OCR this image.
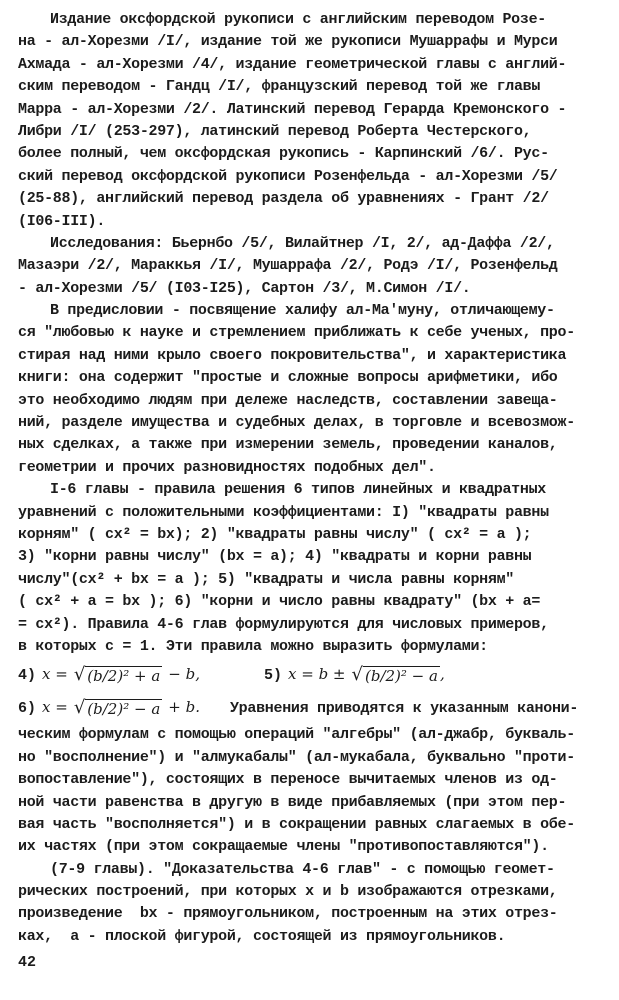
Издание оксфордской рукописи с английским переводом Розе-
на - ал-Хорезми /I/, издание той же рукописи Мушаррафы и Мурси
Ахмада - ал-Хорезми /4/, издание геометрической главы с англий-
ским переводом - Гандц /I/, французский перевод той же главы
Марра - ал-Хорезми /2/. Латинский перевод Герарда Кремонского -
Либри /I/ (253-297), латинский перевод Роберта Честерского,
более полный, чем оксфордская рукопись - Карпинский /6/. Рус-
ский перевод оксфордской рукописи Розенфельда - ал-Хорезми /5/
(25-88), английский перевод раздела об уравнениях - Грант /2/
(I06-III).
Исследования: Бьернбо /5/, Вилайтнер /I, 2/, ад-Даффа /2/,
Мазаэри /2/, Мараккья /I/, Мушаррафа /2/, Родэ /I/, Розенфельд
- ал-Хорезми /5/ (I03-I25), Сартон /3/, М.Симон /I/.
В предисловии - посвящение халифу ал-Ма'муну, отличающему-
ся "любовью к науке и стремлением приближать к себе ученых, про-
стирая над ними крыло своего покровительства", и характеристика
книги: она содержит "простые и сложные вопросы арифметики, ибо
это необходимо людям при дележе наследств, составлении завеща-
ний, разделе имущества и судебных делах, в торговле и всевозмож-
ных сделках, а также при измерении земель, проведении каналов,
геометрии и прочих разновидностях подобных дел".
I-6 главы - правила решения 6 типов линейных и квадратных
уравнений с положительными коэффициентами: I) "квадраты равны
корням" ( cx² = bx); 2) "квадраты равны числу" ( cx² = a );
3) "корни равны числу" (bx = a); 4) "квадраты и корни равны
числу"(cx² + bx = a ); 5) "квадраты и числа равны корням"
( cx² + a = bx ); 6) "корни и число равны квадрату" (bx + a=
= cx²). Правила 4-6 глав формулируются для числовых примеров,
в которых c = 1. Эти правила можно выразить формулами:
4) x = √ (b/2)² + a − b,	5) x = b ± √ (b/2)² − a ,
6) x = √ (b/2)² − a + b. Уравнения приводятся к указанным канони-
ческим формулам с помощью операций "алгебры" (ал-джабр, букваль-
но "восполнение") и "алмукабалы" (ал-мукабала, буквально "проти-
вопоставление"), состоящих в переносе вычитаемых членов из од-
ной части равенства в другую в виде прибавляемых (при этом пер-
вая часть "восполняется") и в сокращении равных слагаемых в обе-
их частях (при этом сокращаемые члены "противопоставляются").
(7-9 главы). "Доказательства 4-6 глав" - с помощью геомет-
рических построений, при которых x и b изображаются отрезками,
произведение  bx - прямоугольником, построенным на этих отрез-
ках,  a - плоской фигурой, состоящей из прямоугольников.
42
